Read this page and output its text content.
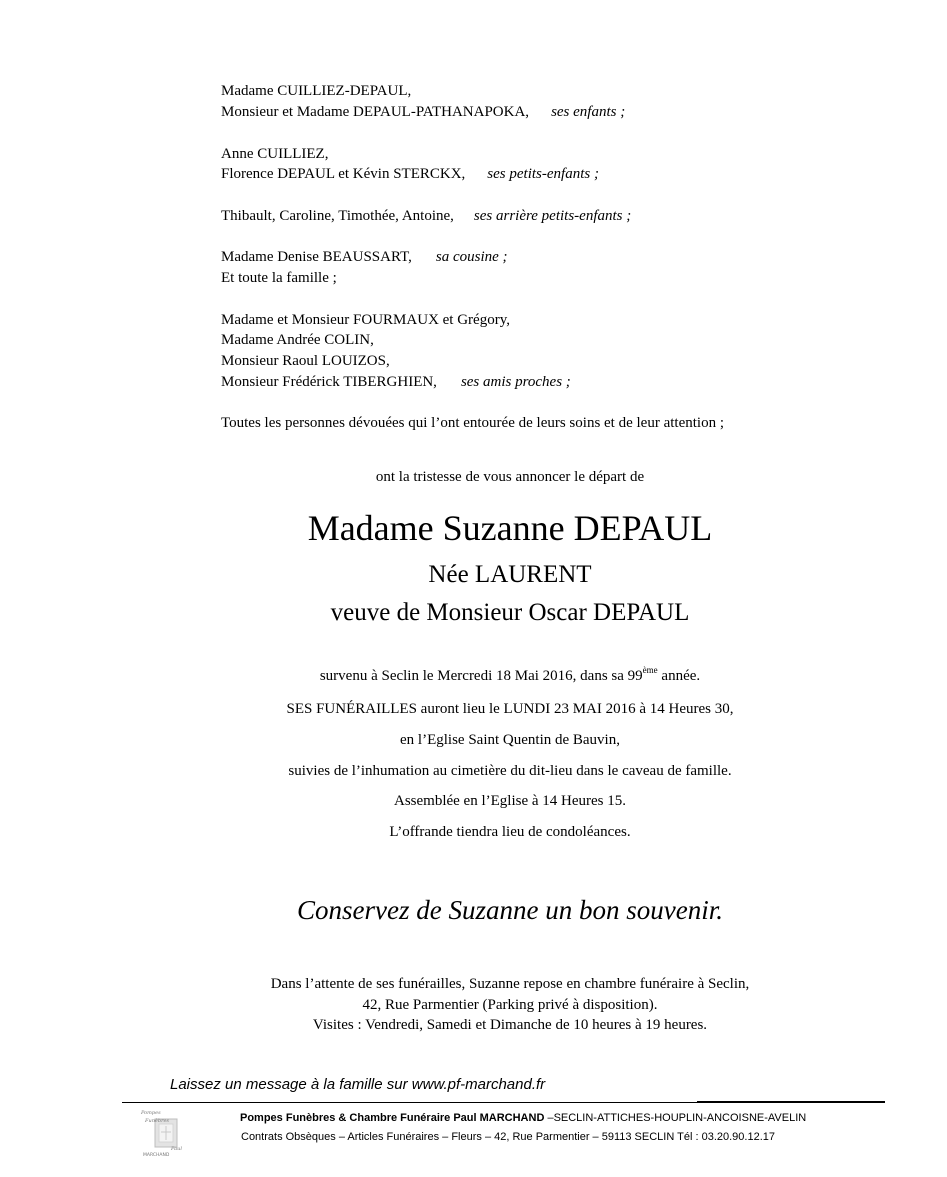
Madame CUILLIEZ-DEPAUL,
Monsieur et Madame DEPAUL-PATHANAPOKA, ses enfants ;
Anne CUILLIEZ,
Florence DEPAUL et Kévin STERCKX, ses petits-enfants ;
Thibault, Caroline, Timothée, Antoine, ses arrière petits-enfants ;
Madame Denise BEAUSSART, sa cousine ;
Et toute la famille ;
Madame et Monsieur FOURMAUX et Grégory,
Madame Andrée COLIN,
Monsieur Raoul LOUIZOS,
Monsieur Frédérick TIBERGHIEN, ses amis proches ;
Toutes les personnes dévouées qui l’ont entourée de leurs soins et de leur attention ;
ont la tristesse de vous annoncer le départ de
Madame Suzanne DEPAUL
Née LAURENT
veuve de Monsieur Oscar DEPAUL
survenu à Seclin le Mercredi 18 Mai 2016, dans sa 99ème année.
SES FUNÉRAILLES auront lieu le LUNDI 23 MAI 2016 à 14 Heures 30,
en l’Eglise Saint Quentin de Bauvin,
suivies de l’inhumation au cimetière du dit-lieu dans le caveau de famille.
Assemblée en l’Eglise à 14 Heures 15.
L’offrande tiendra lieu de condoléances.
Conservez de Suzanne un bon souvenir.
Dans l’attente de ses funérailles, Suzanne repose en chambre funéraire à Seclin,
42, Rue Parmentier (Parking privé à disposition).
Visites : Vendredi, Samedi et Dimanche de 10 heures à 19 heures.
Laissez un message à la famille sur www.pf-marchand.fr
Pompes
Funèbres
Paul
MARCHAND
Pompes Funèbres & Chambre Funéraire Paul MARCHAND –SECLIN-ATTICHES-HOUPLIN-ANCOISNE-AVELIN
Contrats Obsèques – Articles Funéraires – Fleurs – 42, Rue Parmentier – 59113 SECLIN Tél : 03.20.90.12.17
